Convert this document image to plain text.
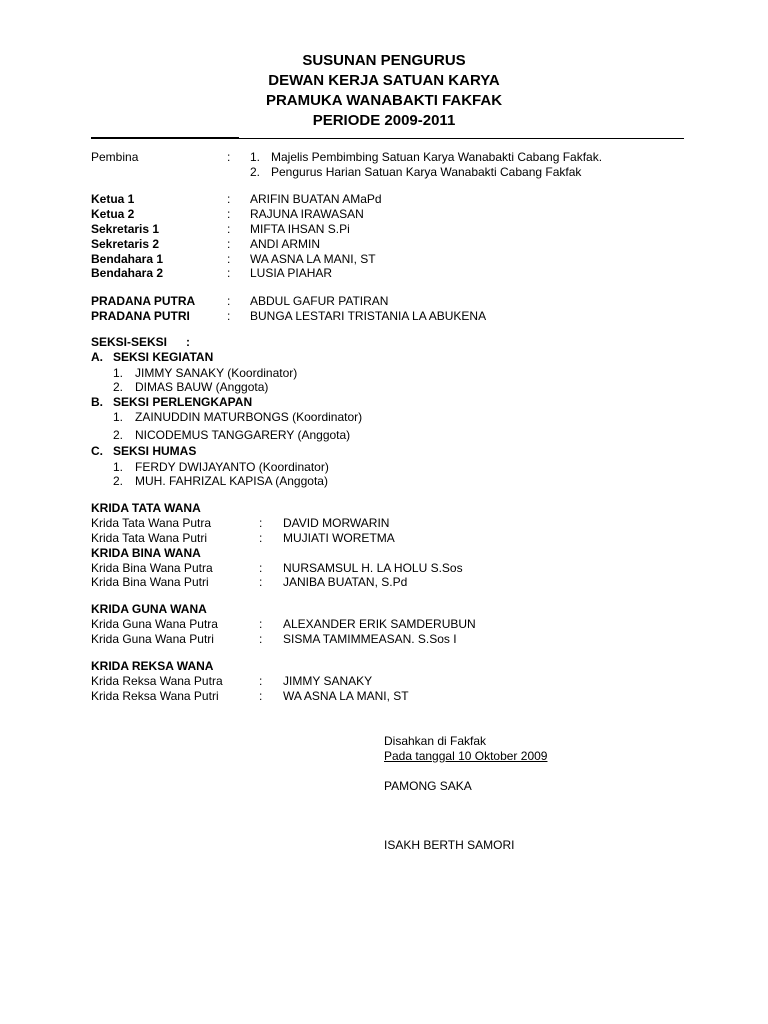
SUSUNAN PENGURUS
DEWAN KERJA SATUAN KARYA
PRAMUKA WANABAKTI FAKFAK
PERIODE 2009-2011
Pembina	: 1. Majelis Pembimbing Satuan Karya Wanabakti Cabang Fakfak.
2. Pengurus Harian Satuan Karya Wanabakti Cabang Fakfak
Ketua 1	: ARIFIN BUATAN AMaPd
Ketua 2	: RAJUNA IRAWASAN
Sekretaris 1	: MIFTA IHSAN S.Pi
Sekretaris 2	: ANDI ARMIN
Bendahara 1	: WA ASNA LA MANI, ST
Bendahara 2	: LUSIA PIAHAR
PRADANA PUTRA	: ABDUL GAFUR PATIRAN
PRADANA PUTRI	: BUNGA LESTARI TRISTANIA LA ABUKENA
SEKSI-SEKSI :
A. SEKSI KEGIATAN
1. JIMMY SANAKY (Koordinator)
2. DIMAS BAUW (Anggota)
B. SEKSI PERLENGKAPAN
1. ZAINUDDIN MATURBONGS (Koordinator)
2. NICODEMUS TANGGARERY (Anggota)
C. SEKSI HUMAS
1. FERDY DWIJAYANTO (Koordinator)
2. MUH. FAHRIZAL KAPISA (Anggota)
KRIDA TATA WANA
Krida Tata Wana Putra	: DAVID MORWARIN
Krida Tata Wana Putri	: MUJIATI WORETMA
KRIDA BINA WANA
Krida Bina Wana Putra	: NURSAMSUL H. LA HOLU S.Sos
Krida Bina Wana Putri	: JANIBA BUATAN, S.Pd
KRIDA GUNA WANA
Krida Guna Wana Putra	: ALEXANDER ERIK SAMDERUBUN
Krida Guna Wana Putri	: SISMA TAMIMMEASAN. S.Sos I
KRIDA REKSA WANA
Krida Reksa Wana Putra	: JIMMY SANAKY
Krida Reksa Wana Putri	: WA ASNA LA MANI, ST
Disahkan di Fakfak
Pada tanggal 10 Oktober 2009
PAMONG SAKA
ISAKH BERTH SAMORI
